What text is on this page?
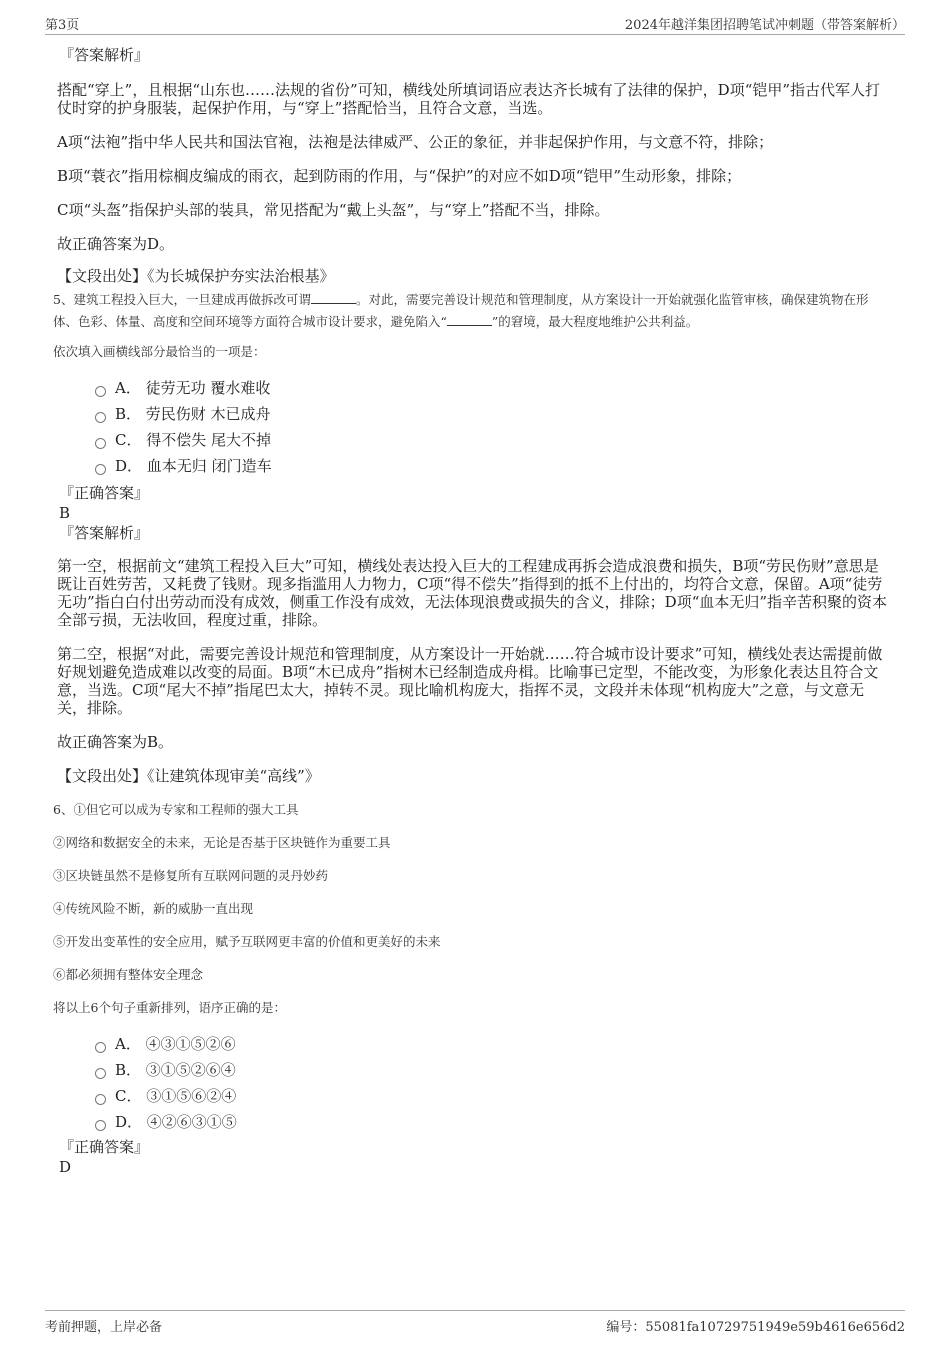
第3页	2024年越洋集团招聘笔试冲刺题（带答案解析）
『答案解析』

搭配“穿上”，且根据“山东也……法规的省份”可知，横线处所填词语应表达齐长城有了法律的保护，D项“铠甲”指古代军人打仗时穿的护身服装，起保护作用，与“穿上”搭配恰当，且符合文意，当选。

A项“法袍”指中华人民共和国法官袍，法袍是法律威严、公正的象征，并非起保护作用，与文意不符，排除；

B项“蓑衣”指用棕榈皮编成的雨衣，起到防雨的作用，与“保护”的对应不如D项“铠甲”生动形象，排除；

C项“头盔”指保护头部的装具，常见搭配为“戴上头盔”，与“穿上”搭配不当，排除。

故正确答案为D。

【文段出处】《为长城保护夯实法治根基》

5、建筑工程投入巨大，一旦建成再做拆改可谓	。对此，需要完善设计规范和管理制度，从方案设计一开始就强化监管审核，确保建筑物在形体、色彩、体量、高度和空间环境等方面符合城市设计要求，避免陷入“	”的窘境，最大程度地维护公共利益。

依次填入画横线部分最恰当的一项是：

A． 徒劳无功 覆水难收
B． 劳民伤财 木已成舟
C． 得不偿失 尾大不掉
D． 血本无归 闭门造车
『正确答案』
B
『答案解析』

第一空，根据前文“建筑工程投入巨大”可知，横线处表达投入巨大的工程建成再拆会造成浪费和损失，B项“劳民伤财”意思是既让百姓劳苦，又耗费了钱财。现多指滥用人力物力，C项“得不偿失”指得到的抵不上付出的，均符合文意，保留。A项“徒劳无功”指白白付出劳动而没有成效，侧重工作没有成效，无法体现浪费或损失的含义，排除；D项“血本无归”指辛苦积聚的资本全部亏损，无法收回，程度过重，排除。

第二空，根据“对此，需要完善设计规范和管理制度，从方案设计一开始就……符合城市设计要求”可知，横线处表达需提前做好规划避免造成难以改变的局面。B项“木已成舟”指树木已经制造成舟楫。比喻事已定型，不能改变，为形象化表达且符合文意，当选。C项“尾大不掉”指尾巴太大，掉转不灵。现比喻机构庞大，指挥不灵，文段并未体现“机构庞大”之意，与文意无关，排除。

故正确答案为B。

【文段出处】《让建筑体现审美“高线”》

6、①但它可以成为专家和工程师的强大工具

②网络和数据安全的未来，无论是否基于区块链作为重要工具

③区块链虽然不是修复所有互联网问题的灵丹妙药

④传统风险不断，新的威胁一直出现

⑤开发出变革性的安全应用，赋予互联网更丰富的价值和更美好的未来

⑥都必须拥有整体安全理念

将以上6个句子重新排列，语序正确的是：

A． ④③①⑤②⑥
B． ③①⑤②⑥④
C． ③①⑤⑥②④
D． ④②⑥③①⑤
『正确答案』
D
考前押题，上岸必备	编号：55081fa10729751949e59b4616e656d2
